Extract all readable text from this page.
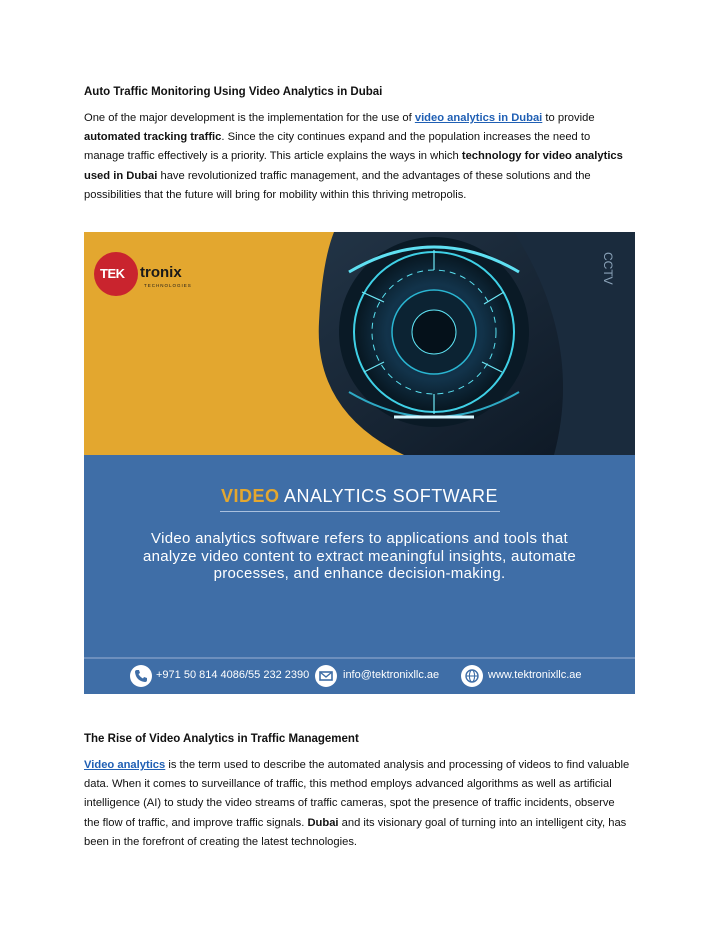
Auto Traffic Monitoring Using Video Analytics in Dubai
One of the major development is the implementation for the use of video analytics in Dubai to provide automated tracking traffic. Since the city continues expand and the population increases the need to manage traffic effectively is a priority. This article explains the ways in which technology for video analytics used in Dubai have revolutionized traffic management, and the advantages of these solutions and the possibilities that the future will bring for mobility within this thriving metropolis.
CCTV
TEK tronix
TECHNOLOGIES
VIDEO ANALYTICS SOFTWARE
Video analytics software refers to applications and tools that analyze video content to extract meaningful insights, automate processes, and enhance decision-making.
+971 50 814 4086/55 232 2390	info@tektronixllc.ae	www.tektronixllc.ae
The Rise of Video Analytics in Traffic Management
Video analytics is the term used to describe the automated analysis and processing of videos to find valuable data. When it comes to surveillance of traffic, this method employs advanced algorithms as well as artificial intelligence (AI) to study the video streams of traffic cameras, spot the presence of traffic incidents, observe the flow of traffic, and improve traffic signals. Dubai and its visionary goal of turning into an intelligent city, has been in the forefront of creating the latest technologies.
